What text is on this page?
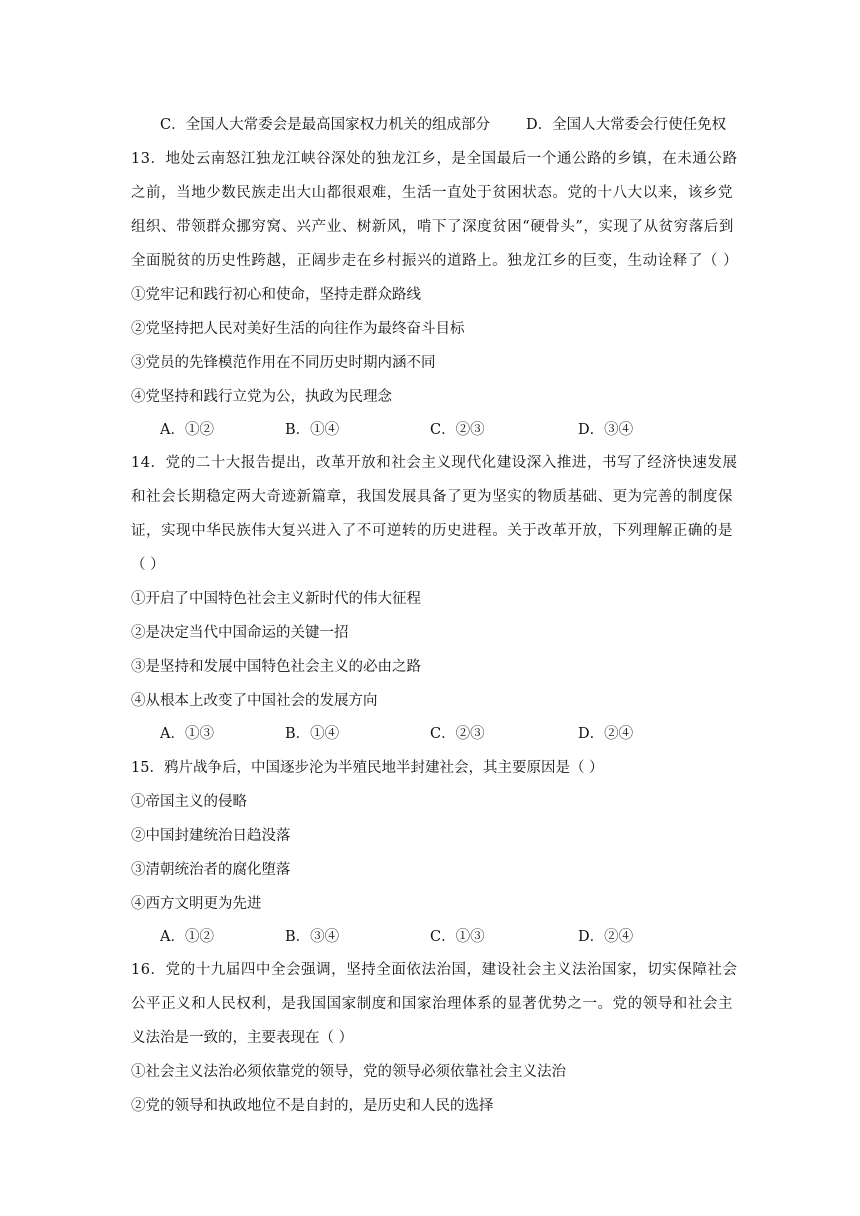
C．全国人大常委会是最高国家权力机关的组成部分 D．全国人大常委会行使任免权
13．地处云南怒江独龙江峡谷深处的独龙江乡，是全国最后一个通公路的乡镇，在未通公路
之前，当地少数民族走出大山都很艰难，生活一直处于贫困状态。党的十八大以来，该乡党
组织、带领群众挪穷窝、兴产业、树新风，啃下了深度贫困“硬骨头”，实现了从贫穷落后到
全面脱贫的历史性跨越，正阔步走在乡村振兴的道路上。独龙江乡的巨变，生动诠释了（ ）
①党牢记和践行初心和使命，坚持走群众路线
②党坚持把人民对美好生活的向往作为最终奋斗目标
③党员的先锋模范作用在不同历史时期内涵不同
④党坚持和践行立党为公，执政为民理念
A．①②	B．①④	C．②③	D．③④
14．党的二十大报告提出，改革开放和社会主义现代化建设深入推进，书写了经济快速发展
和社会长期稳定两大奇迹新篇章，我国发展具备了更为坚实的物质基础、更为完善的制度保
证，实现中华民族伟大复兴进入了不可逆转的历史进程。关于改革开放，下列理解正确的是
（ ）
①开启了中国特色社会主义新时代的伟大征程
②是决定当代中国命运的关键一招
③是坚持和发展中国特色社会主义的必由之路
④从根本上改变了中国社会的发展方向
A．①③	B．①④	C．②③	D．②④
15．鸦片战争后，中国逐步沦为半殖民地半封建社会，其主要原因是（ ）
①帝国主义的侵略
②中国封建统治日趋没落
③清朝统治者的腐化堕落
④西方文明更为先进
A．①②	B．③④	C．①③	D．②④
16．党的十九届四中全会强调，坚持全面依法治国，建设社会主义法治国家，切实保障社会
公平正义和人民权利，是我国国家制度和国家治理体系的显著优势之一。党的领导和社会主
义法治是一致的，主要表现在（ ）
①社会主义法治必须依靠党的领导，党的领导必须依靠社会主义法治
②党的领导和执政地位不是自封的，是历史和人民的选择
